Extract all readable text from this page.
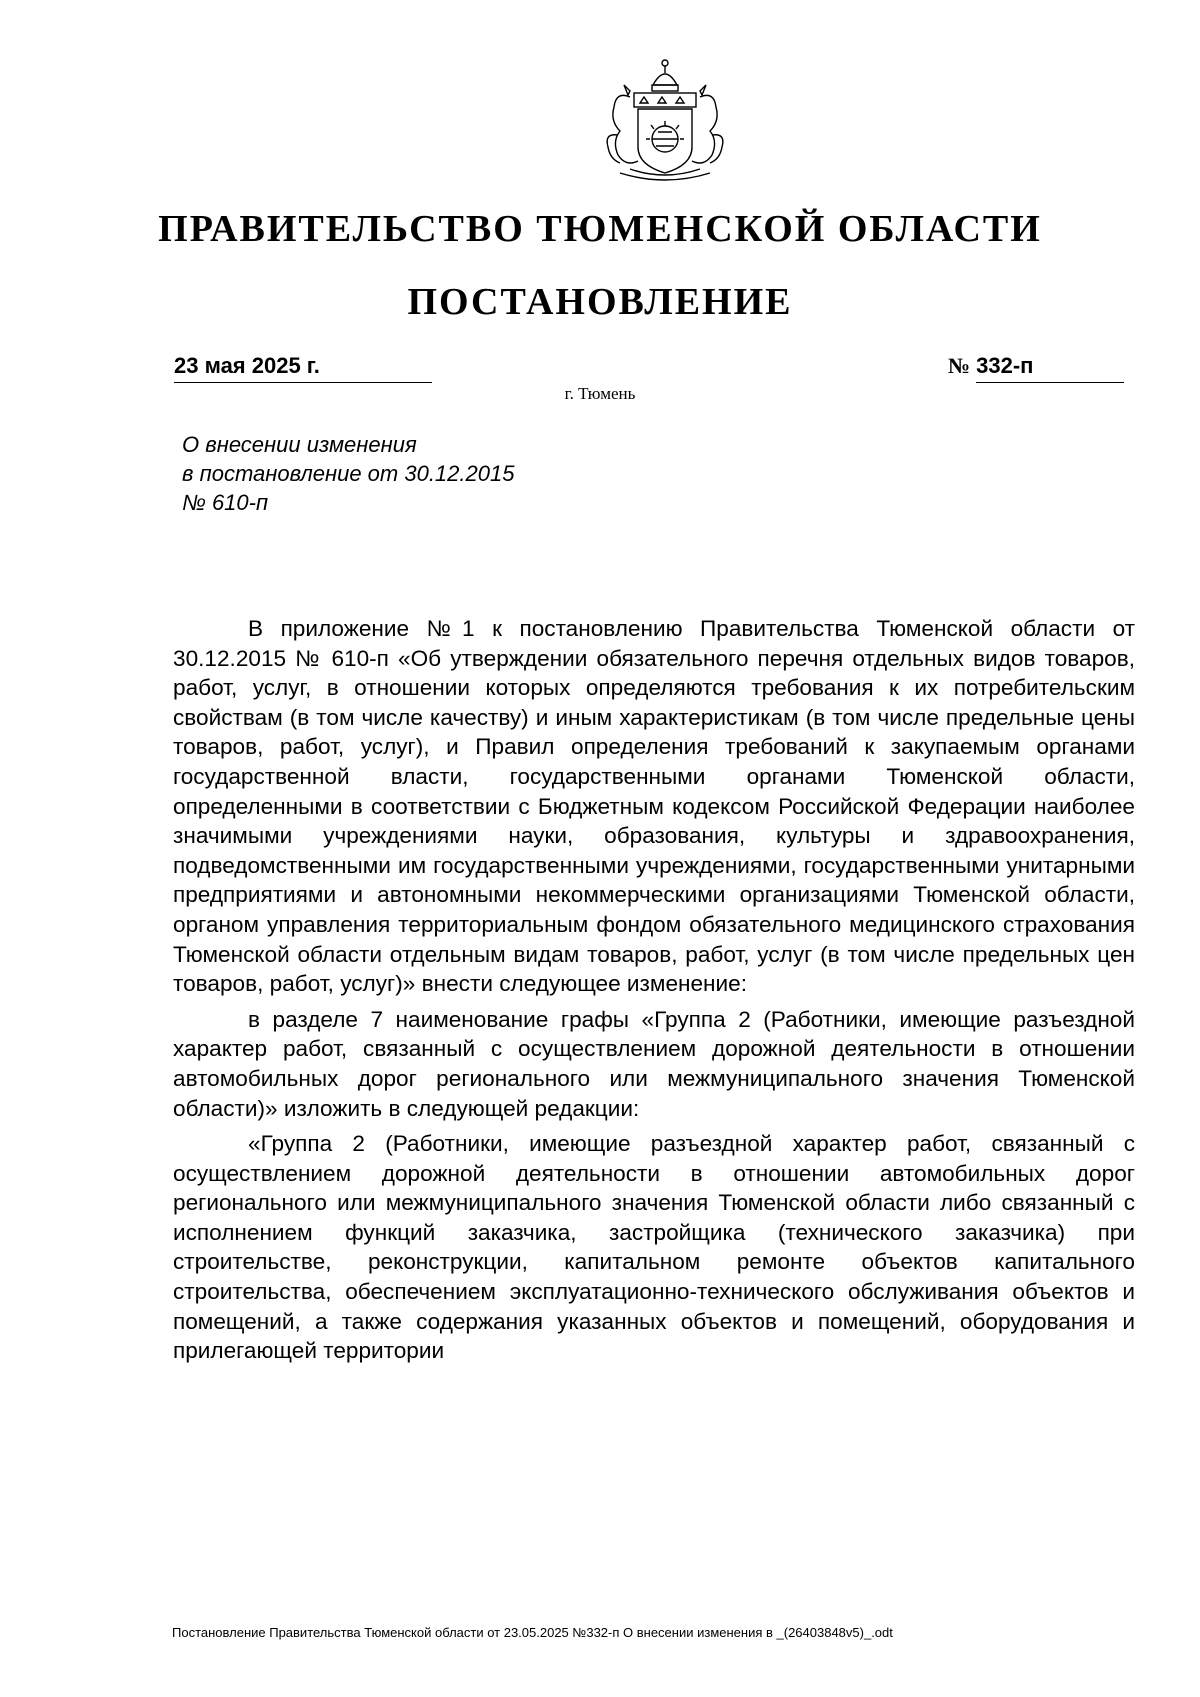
ПРАВИТЕЛЬСТВО ТЮМЕНСКОЙ ОБЛАСТИ
ПОСТАНОВЛЕНИЕ
23 мая 2025 г.	№ 332-п
г. Тюмень
О внесении изменения
в постановление от 30.12.2015
№ 610-п

В приложение №1 к постановлению Правительства Тюменской области от 30.12.2015 № 610-п «Об утверждении обязательного перечня отдельных видов товаров, работ, услуг, в отношении которых определяются требования к их потребительским свойствам (в том числе качеству) и иным характеристикам (в том числе предельные цены товаров, работ, услуг), и Правил определения требований к закупаемым органами государственной власти, государственными органами Тюменской области, определенными в соответствии с Бюджетным кодексом Российской Федерации наиболее значимыми учреждениями науки, образования, культуры и здравоохранения, подведомственными им государственными учреждениями, государственными унитарными предприятиями и автономными некоммерческими организациями Тюменской области, органом управления территориальным фондом обязательного медицинского страхования Тюменской области отдельным видам товаров, работ, услуг (в том числе предельных цен товаров, работ, услуг)» внести следующее изменение:

в разделе 7 наименование графы «Группа 2 (Работники, имеющие разъездной характер работ, связанный с осуществлением дорожной деятельности в отношении автомобильных дорог регионального или межмуниципального значения Тюменской области)» изложить в следующей редакции:

«Группа 2 (Работники, имеющие разъездной характер работ, связанный с осуществлением дорожной деятельности в отношении автомобильных дорог регионального или межмуниципального значения Тюменской области либо связанный с исполнением функций заказчика, застройщика (технического заказчика) при строительстве, реконструкции, капитальном ремонте объектов капитального строительства, обеспечением эксплуатационно-технического обслуживания объектов и помещений, а также содержания указанных объектов и помещений, оборудования и прилегающей территории

Постановление Правительства Тюменской области от 23.05.2025 №332-п О внесении изменения в _(26403848v5)_.odt
